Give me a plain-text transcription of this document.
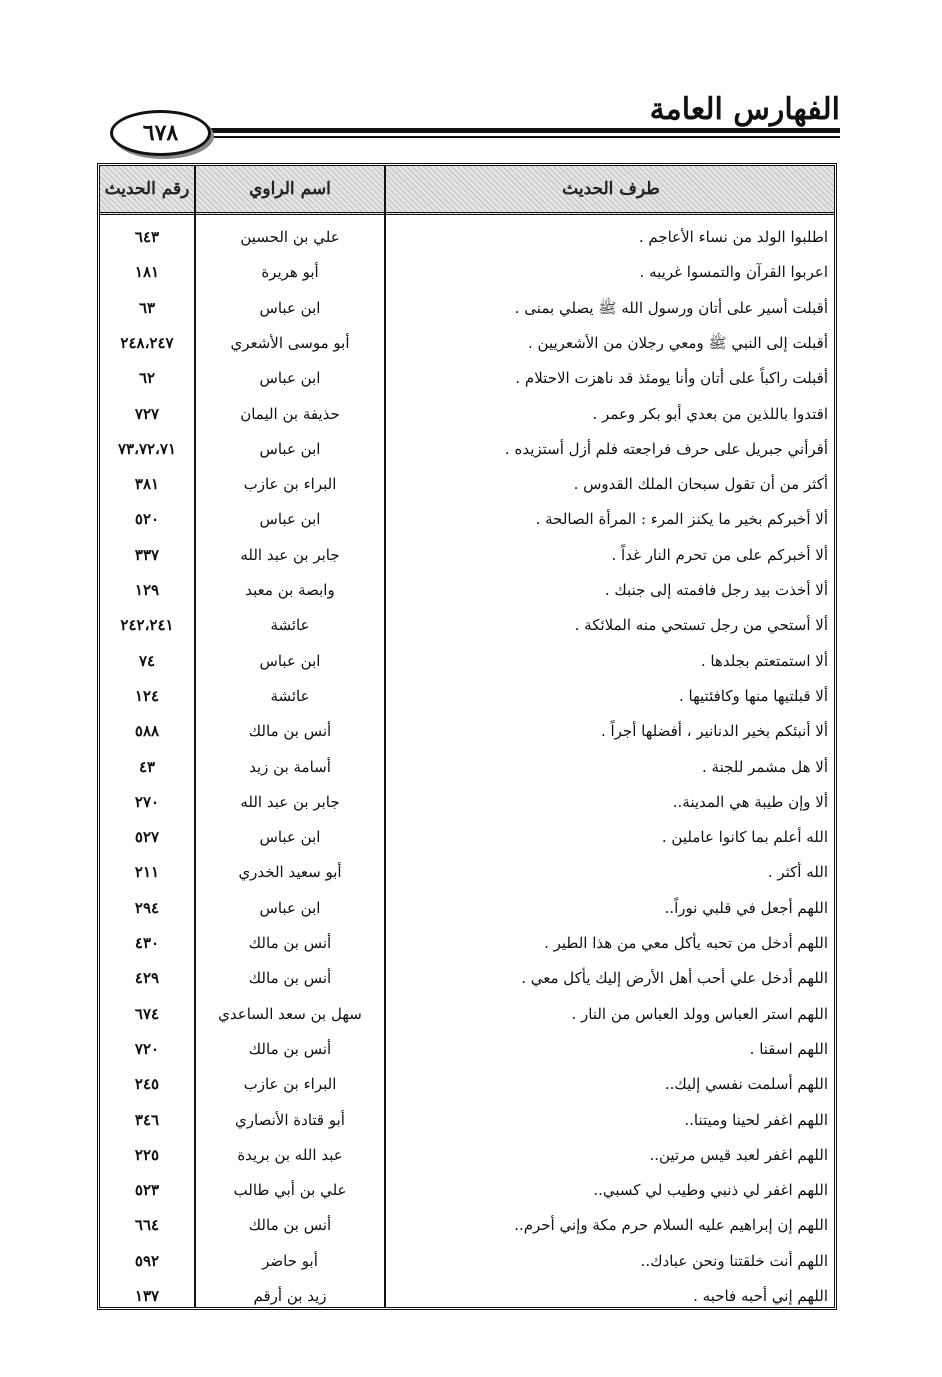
الفهارس العامة
٦٧٨
طرف الحديث
اسم الراوي
رقم الحديث
اطلبوا الولد من نساء الأعاجم .
علي بن الحسين
٦٤٣
اعربوا القرآن والتمسوا غريبه .
أبو هريرة
١٨١
أقبلت أسير على أتان ورسول الله ﷺ يصلي بمنى .
ابن عباس
٦٣
أقبلت إلى النبي ﷺ ومعي رجلان من الأشعريين .
أبو موسى الأشعري
٢٤٨،٢٤٧
أقبلت راكباً على أتان وأنا يومئذ قد ناهزت الاحتلام .
ابن عباس
٦٢
اقتدوا باللذين من بعدي أبو بكر وعمر .
حذيفة بن اليمان
٧٢٧
أقرأني جبريل على حرف فراجعته فلم أزل أستزيده .
ابن عباس
٧٣،٧٢،٧١
أكثر من أن تقول سبحان الملك القدوس .
البراء بن عازب
٣٨١
ألا أخبركم بخير ما يكنز المرء : المرأة الصالحة .
ابن عباس
٥٢٠
ألا أخبركم على من تحرم النار غداً .
جابر بن عبد الله
٣٣٧
ألا أخذت بيد رجل فافمته إلى جنبك .
وابصة بن معبد
١٢٩
ألا أستحي من رجل تستحي منه الملائكة .
عائشة
٢٤٢،٢٤١
ألا استمتعتم بجلدها .
ابن عباس
٧٤
ألا قبلتيها منها وكافئتيها .
عائشة
١٢٤
ألا أنبئكم بخير الدنانير ، أفضلها أجراً .
أنس بن مالك
٥٨٨
ألا هل مشمر للجنة .
أسامة بن زيد
٤٣
ألا وإن طيبة هي المدينة..
جابر بن عبد الله
٢٧٠
الله أعلم بما كانوا عاملين .
ابن عباس
٥٢٧
الله أكثر .
أبو سعيد الخدري
٢١١
اللهم أجعل في قلبي نوراً..
ابن عباس
٢٩٤
اللهم أدخل من تحبه يأكل معي من هذا الطير .
أنس بن مالك
٤٣٠
اللهم أدخل علي أحب أهل الأرض إليك يأكل معي .
أنس بن مالك
٤٢٩
اللهم استر العباس وولد العباس من النار .
سهل بن سعد الساعدي
٦٧٤
اللهم اسقنا .
أنس بن مالك
٧٢٠
اللهم أسلمت نفسي إليك..
البراء بن عازب
٢٤٥
اللهم اغفر لحينا وميتنا..
أبو قتادة الأنصاري
٣٤٦
اللهم اغفر لعبد قيس مرتين..
عبد الله بن بريدة
٢٢٥
اللهم اغفر لي ذنبي وطيب لي كسبي..
علي بن أبي طالب
٥٢٣
اللهم إن إبراهيم عليه السلام حرم مكة وإني أحرم..
أنس بن مالك
٦٦٤
اللهم أنت خلقتنا ونحن عبادك..
أبو حاضر
٥٩٢
اللهم إني أحبه فاحبه .
زيد بن أرقم
١٣٧
